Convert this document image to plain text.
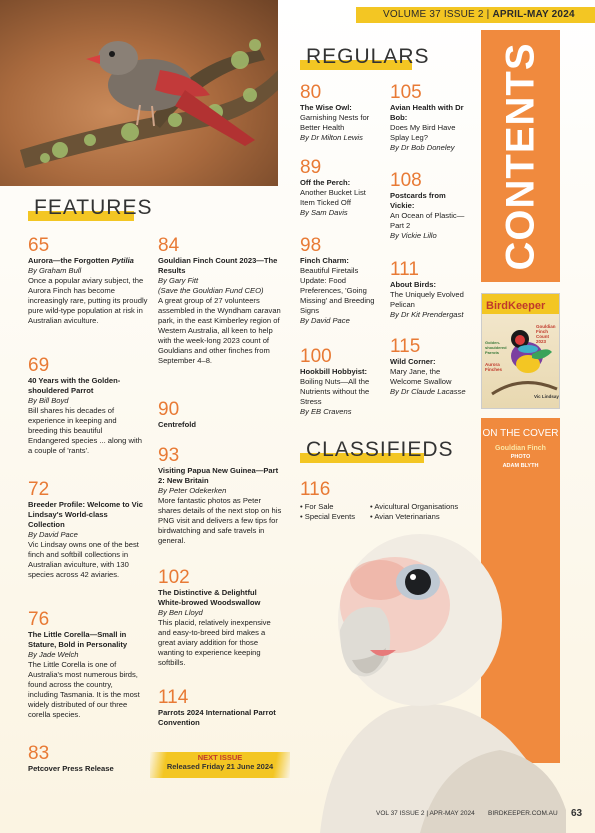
VOLUME 37 ISSUE 2 | APRIL-MAY 2024
FEATURES
65
Aurora—the Forgotten Pytilia
By Graham Bull
Once a popular aviary subject, the Aurora Finch has become increasingly rare, putting its proudly pure wild-type population at risk in Australian aviculture.
69
40 Years with the Golden-shouldered Parrot
By Bill Boyd
Bill shares his decades of experience in keeping and breeding this beautiful Endangered species ... along with a couple of 'rants'.
72
Breeder Profile: Welcome to Vic Lindsay's World-class Collection
By David Pace
Vic Lindsay owns one of the best finch and softbill collections in Australian aviculture, with 130 species across 42 aviaries.
76
The Little Corella—Small in Stature, Bold in Personality
By Jade Welch
The Little Corella is one of Australia's most numerous birds, found across the country, including Tasmania. It is the most widely distributed of our three corella species.
83
Petcover Press Release
84
Gouldian Finch Count 2023—The Results
By Gary Fitt
(Save the Gouldian Fund CEO)
A great group of 27 volunteers assembled in the Wyndham caravan park, in the east Kimberley region of Western Australia, all keen to help with the week-long 2023 count of Gouldians and other finches from September 4–8.
90
Centrefold
93
Visiting Papua New Guinea—Part 2: New Britain
By Peter Odekerken
More fantastic photos as Peter shares details of the next stop on his PNG visit and delivers a few tips for birdwatching and safe travels in general.
102
The Distinctive & Delightful White-browed Woodswallow
By Ben Lloyd
This placid, relatively inexpensive and easy-to-breed bird makes a great aviary addition for those wanting to experience keeping softbills.
114
Parrots 2024 International Parrot Convention
NEXT ISSUE
Released Friday 21 June 2024
REGULARS
80
The Wise Owl:
Garnishing Nests for Better Health
By Dr Milton Lewis
89
Off the Perch:
Another Bucket List Item Ticked Off
By Sam Davis
98
Finch Charm:
Beautiful Firetails Update: Food Preferences, 'Going Missing' and Breeding Signs
By David Pace
100
Hookbill Hobbyist:
Boiling Nuts—All the Nutrients without the Stress
By EB Cravens
105
Avian Health with Dr Bob:
Does My Bird Have Splay Leg?
By Dr Bob Doneley
108
Postcards from Vickie:
An Ocean of Plastic—Part 2
By Vickie Lillo
111
About Birds:
The Uniquely Evolved Pelican
By Dr Kit Prendergast
115
Wild Corner:
Mary Jane, the Welcome Swallow
By Dr Claude Lacasse
CLASSIFIEDS
116
• For Sale
• Special Events
• Avicultural Organisations
• Avian Veterinarians
CONTENTS
BirdKeeper
Gouldian Finch Count 2023
Golden-shouldered Parrots
Aurora Finches
Vic Lindsay
ON THE COVER
Gouldian Finch
PHOTO
ADAM BLYTH
VOL 37 ISSUE 2 | APR-MAY 2024 BIRDKEEPER.COM.AU 63
